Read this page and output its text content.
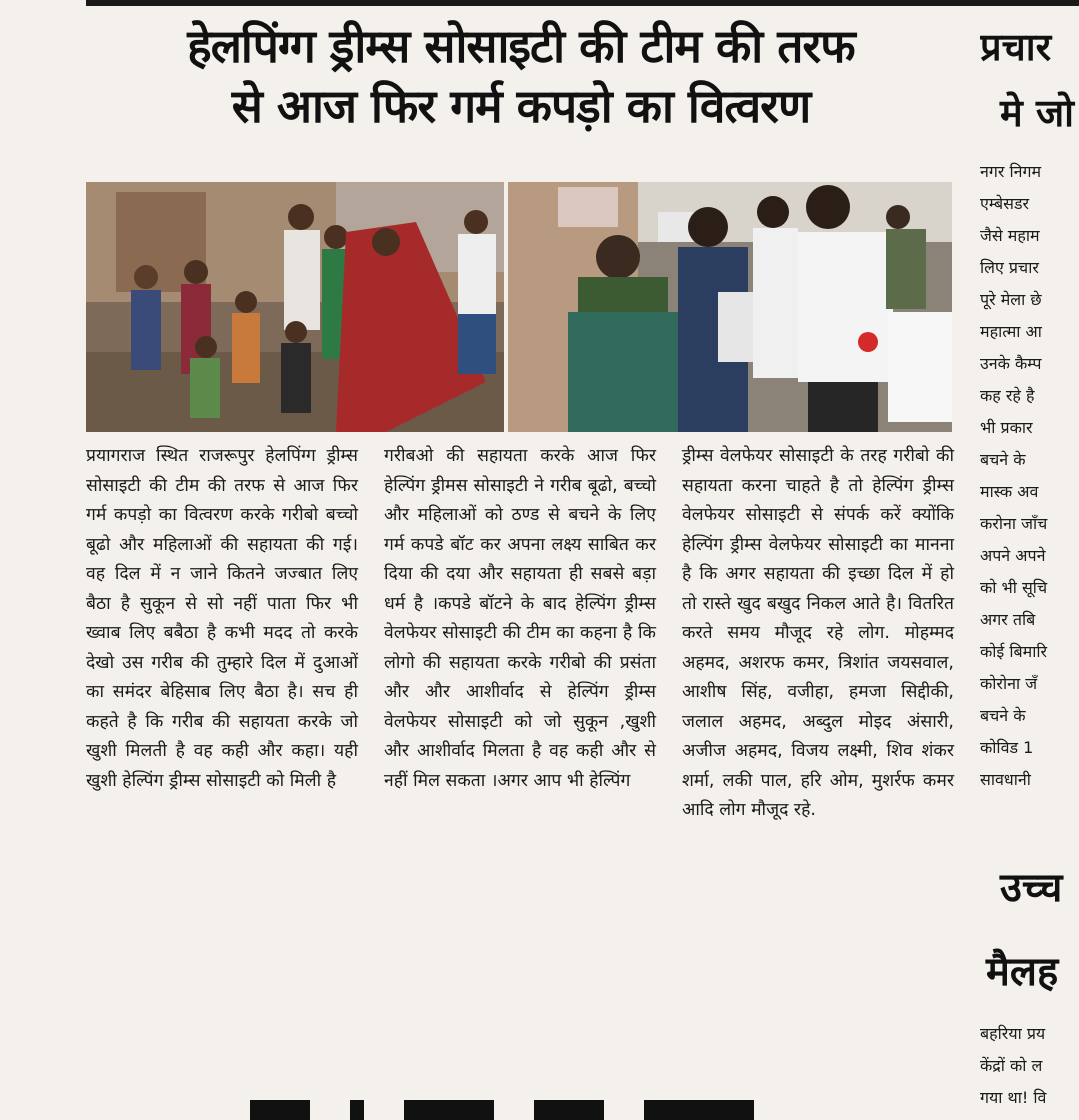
हेलपिंग्ग ड्रीम्स सोसाइटी की टीम की तरफ
से आज फिर गर्म कपड़ो का वित्वरण

प्रयागराज स्थित राजरूपुर हेलपिंग्ग ड्रीम्स सोसाइटी की टीम की तरफ से आज फिर गर्म कपड़ो का वित्वरण करके गरीबो बच्चो बूढो और महिलाओं की सहायता की गई। वह दिल में न जाने कितने जज्बात लिए बैठा है सुकून से सो नहीं पाता फिर भी ख्वाब लिए बबैठा है कभी मदद तो करके देखो उस गरीब की तुम्हारे दिल में दुआओं का समंदर बेहिसाब लिए बैठा है। सच ही कहते है कि गरीब की सहायता करके जो खुशी मिलती है वह कही और कहा। यही खुशी हेल्पिंग ड्रीम्स सोसाइटी को मिली है

गरीबओ की सहायता करके आज फिर हेल्पिंग ड्रीमस सोसाइटी ने गरीब बूढो, बच्चो और महिलाओं को ठण्ड से बचने के लिए गर्म कपडे बॉट कर अपना लक्ष्य साबित कर दिया की दया और सहायता ही सबसे बड़ा धर्म है ।कपडे बॉटने के बाद हेल्पिंग ड्रीम्स वेलफेयर सोसाइटी की टीम का कहना है कि लोगो की सहायता करके गरीबो की प्रसंता और और आशीर्वाद से हेल्पिंग ड्रीम्स वेलफेयर सोसाइटी को जो सुकून ,खुशी और आशीर्वाद मिलता है वह कही और से नहीं मिल सकता ।अगर आप भी हेल्पिंग

ड्रीम्स वेलफेयर सोसाइटी के तरह गरीबो की सहायता करना चाहते है तो हेल्पिंग ड्रीम्स वेलफेयर सोसाइटी से संपर्क करें क्योंकि हेल्पिंग ड्रीम्स वेलफेयर सोसाइटी का मानना है कि अगर सहायता की इच्छा दिल में हो तो रास्ते खुद बखुद निकल आते है। वितरित करते समय मौजूद रहे लोग. मोहम्मद अहमद, अशरफ कमर, त्रिशांत जयसवाल, आशीष सिंह, वजीहा, हमजा सिद्दीकी, जलाल अहमद, अब्दुल मोइद अंसारी, अजीज अहमद, विजय लक्ष्मी, शिव शंकर शर्मा, लकी पाल, हरि ओम, मुशर्रफ कमर आदि लोग मौजूद रहे.

प्रचार
मे जो
नगर निगम
एम्बेसडर
जैसे महाम
लिए प्रचार
पूरे मेला छे
महात्मा आ
उनके कैम्प
कह रहे है
भी प्रकार
बचने के
मास्क अव
करोना जाँच
अपने अपने
को भी सूचि
अगर तबि
कोई बिमारि
कोरोना जँ
बचने के
कोविड 1
सावधानी
उच्च
मैलह
बहरिया प्रय
केंद्रों को ल
गया था! वि
